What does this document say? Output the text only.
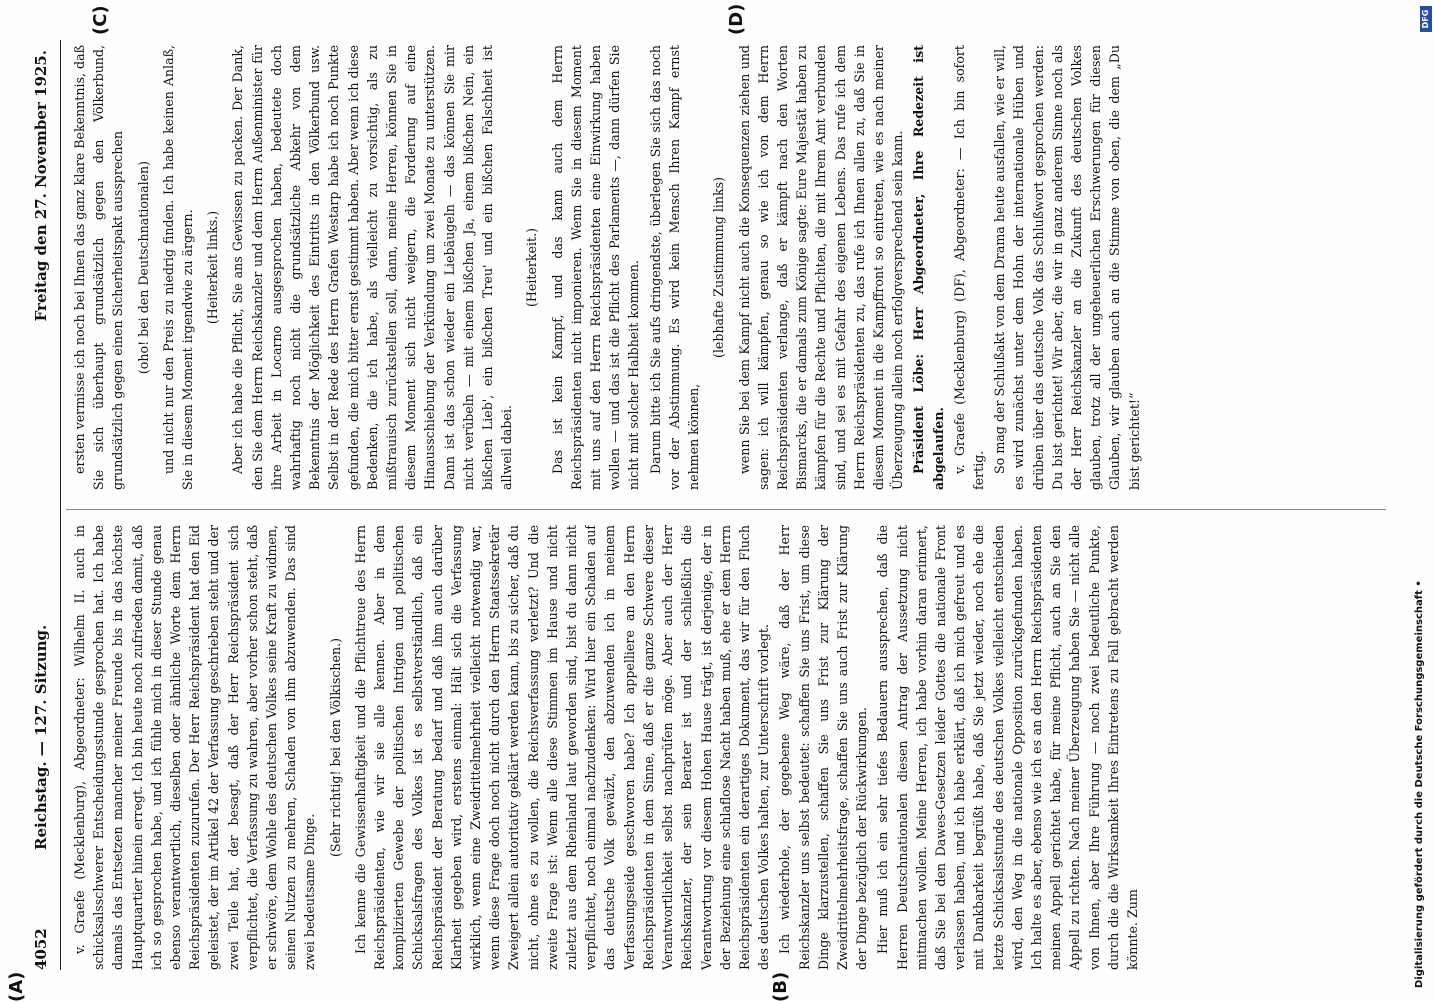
4052
Reichstag. — 127. Sitzung.
Freitag den 27. November 1925.
(A)	(B)
(C)	(D)

v. Graefe (Mecklenburg), Abgeordneter: Wilhelm II. auch in schicksalsschwerer Entscheidungsstunde gesprochen hat. Ich habe damals das Entsetzen mancher meiner Freunde bis in das höchste Hauptquartier hinein erregt. Ich bin heute noch zufrieden damit, daß ich so gesprochen habe, und ich fühle mich in dieser Stunde genau ebenso verantwortlich, dieselben oder ähnliche Worte dem Herrn Reichspräsidenten zuzurufen. Der Herr Reichspräsident hat den Eid geleistet, der im Artikel 42 der Verfassung geschrieben steht und der zwei Teile hat, der besagt, daß der Herr Reichspräsident sich verpflichtet, die Verfassung zu wahren, aber vorher schon steht, daß er schwöre, dem Wohle des deutschen Volkes seine Kraft zu widmen, seinen Nutzen zu mehren, Schaden von ihm abzuwenden. Das sind zwei bedeutsame Dinge.

(Sehr richtig! bei den Völkischen.) Ich kenne die Gewissenhaftigkeit und die Pflichttreue des Herrn Reichspräsidenten, wie wir sie alle kennen. Aber in dem komplizierten Gewebe der politischen Intrigen und politischen Schicksalsfragen des Volkes ist es selbstverständlich, daß ein Reichspräsident der Beratung bedarf und daß ihm auch darüber Klarheit gegeben wird, erstens einmal: Hält sich die Verfassung wirklich, wenn eine Zweidrittelmehrheit vielleicht notwendig war, wenn diese Frage doch noch nicht durch den Herrn Staatssekretär Zweigert allein autoritativ geklärt werden kann, bis zu sicher, daß du nicht, ohne es zu wollen, die Reichsverfassung verletzt? Und die zweite Frage ist: Wenn alle diese Stimmen im Hause und nicht zuletzt aus dem Rheinland laut geworden sind, bist du dann nicht verpflichtet, noch einmal nachzudenken: Wird hier ein Schaden auf das deutsche Volk gewälzt, den abzuwenden ich in meinem Verfassungseide geschworen habe? Ich appelliere an den Herrn Reichspräsidenten in dem Sinne, daß er die ganze Schwere dieser Verantwortlichkeit selbst nachprüfen möge. Aber auch der Herr Reichskanzler, der sein Berater ist und der schließlich die Verantwortung vor diesem Hohen Hause trägt, ist derjenige, der in der Beziehung eine schlaflose Nacht haben muß, ehe er dem Herrn Reichspräsidenten ein derartiges Dokument, das wir für den Fluch des deutschen Volkes halten, zur Unterschrift vorlegt. Ich wiederhole, der gegebene Weg wäre, daß der Herr Reichskanzler uns selbst bedeutet: schaffen Sie uns Frist, um diese Dinge klarzustellen, schaffen Sie uns Frist zur Klärung der Zweidrittelmehrheitsfrage, schaffen Sie uns auch Frist zur Klärung der Dinge bezüglich der Rückwirkungen. Hier muß ich ein sehr tiefes Bedauern aussprechen, daß die Herren Deutschnationalen diesen Antrag der Aussetzung nicht mitmachen wollen. Meine Herren, ich habe vorhin daran erinnert, daß Sie bei den Dawes-Gesetzen leider Gottes die nationale Front verlassen haben, und ich habe erklärt, daß ich mich gefreut und es mit Dankbarkeit begrüßt habe, daß Sie jetzt wieder, noch ehe die letzte Schicksalsstunde des deutschen Volkes vielleicht entschieden wird, den Weg in die nationale Opposition zurückgefunden haben. Ich halte es aber, ebenso wie ich es an den Herrn Reichspräsidenten meinen Appell gerichtet habe, für meine Pflicht, auch an Sie den Appell zu richten. Nach meiner Überzeugung haben Sie — nicht alle von Ihnen, aber Ihre Führung — noch zwei bedeutliche Punkte, durch die die Wirksamkeit Ihres Eintretens zu Fall gebracht werden könnte. Zum

ersten vermisse ich noch bei Ihnen das ganz klare Bekenntnis, daß Sie sich überhaupt grundsätzlich gegen den Völkerbund, grundsätzlich gegen einen Sicherheitspakt aussprechen (oho! bei den Deutschnationalen) und nicht nur den Preis zu niedrig finden. Ich habe keinen Anlaß, Sie in diesem Moment irgendwie zu ärgern. (Heiterkeit links.) Aber ich habe die Pflicht, Sie ans Gewissen zu packen. Der Dank, den Sie dem Herrn Reichskanzler und dem Herrn Außenminister für ihre Arbeit in Locarno ausgesprochen haben, bedeutete doch wahrhaftig noch nicht die grundsätzliche Abkehr von dem Bekenntnis der Möglichkeit des Eintritts in den Völkerbund usw. Selbst in der Rede des Herrn Grafen Westarp habe ich noch Punkte gefunden, die mich bitter ernst gestimmt haben. Aber wenn ich diese Bedenken, die ich habe, als vielleicht zu vorsichtig, als zu mißtrauisch zurückstellen soll, dann, meine Herren, können Sie in diesem Moment sich nicht weigern, die Forderung auf eine Hinausschiebung der Verkündung um zwei Monate zu unterstützen. Dann ist das schon wieder ein Liebäugeln — das können Sie mir nicht verübeln — mit einem bißchen Ja, einem bißchen Nein, ein bißchen Lieb', ein bißchen Treu' und ein bißchen Falschheit ist allweil dabei.

(Heiterkeit.) Das ist kein Kampf, und das kann auch dem Herrn Reichspräsidenten nicht imponieren. Wenn Sie in diesem Moment mit uns auf den Herrn Reichspräsidenten eine Einwirkung haben wollen — und das ist die Pflicht des Parlaments —, dann dürfen Sie nicht mit solcher Halbheit kommen. Darum bitte ich Sie aufs dringendste, überlegen Sie sich das noch vor der Abstimmung. Es wird kein Mensch Ihren Kampf ernst nehmen können,

(lebhafte Zustimmung links) wenn Sie bei dem Kampf nicht auch die Konsequenzen ziehen und sagen: ich will kämpfen, genau so wie ich von dem Herrn Reichspräsidenten verlange, daß er kämpft nach den Worten Bismarcks, die er damals zum Könige sagte: Eure Majestät haben zu kämpfen für die Rechte und Pflichten, die mit Ihrem Amt verbunden sind, und sei es mit Gefahr des eigenen Lebens. Das rufe ich dem Herrn Reichspräsidenten zu, das rufe ich Ihnen allen zu, daß Sie in diesem Moment in die Kampffront so eintreten, wie es nach meiner Überzeugung allein noch erfolgversprechend sein kann. Präsident Löbe: Herr Abgeordneter, Ihre Redezeit ist abgelaufen. v. Graefe (Mecklenburg) (DF), Abgeordneter: — Ich bin sofort fertig. So mag der Schlußakt von dem Drama heute ausfallen, wie er will, es wird zunächst unter dem Hohn der internationale Hüben und drüben über das deutsche Volk das Schlußwort gesprochen werden: Du bist gerichtet! Wir aber, die wir in ganz anderem Sinne noch als der Herr Reichskanzler an die Zukunft des deutschen Volkes glauben, trotz all der ungeheuerlichen Erschwerungen für diesen Glauben, wir glauben auch an die Stimme von oben, die dem „Du bist gerichtet!“

Digitalisierung gefördert durch die Deutsche Forschungsgemeinschaft •
DFG
